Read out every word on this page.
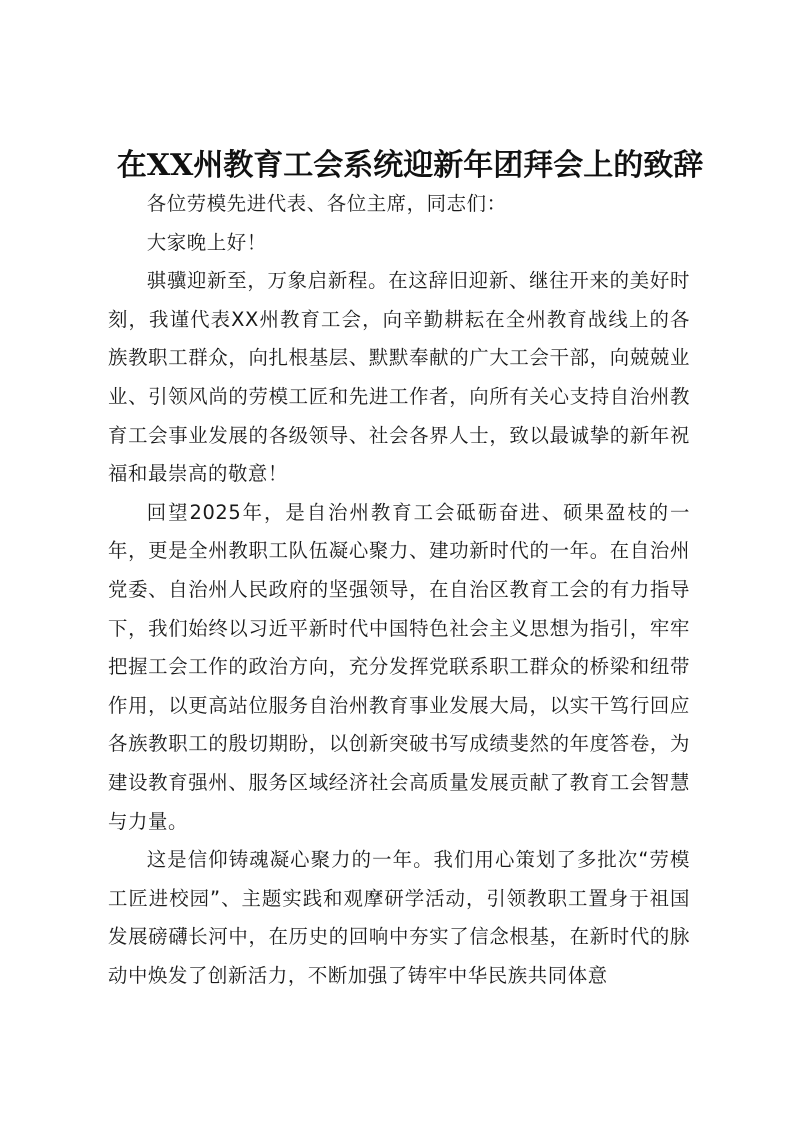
在XX州教育工会系统迎新年团拜会上的致辞

各位劳模先进代表、各位主席，同志们：

大家晚上好！

骐骥迎新至，万象启新程。在这辞旧迎新、继往开来的美好时刻，我谨代表XX州教育工会，向辛勤耕耘在全州教育战线上的各族教职工群众，向扎根基层、默默奉献的广大工会干部，向兢兢业业、引领风尚的劳模工匠和先进工作者，向所有关心支持自治州教育工会事业发展的各级领导、社会各界人士，致以最诚挚的新年祝福和最崇高的敬意！

回望2025年，是自治州教育工会砥砺奋进、硕果盈枝的一年，更是全州教职工队伍凝心聚力、建功新时代的一年。在自治州党委、自治州人民政府的坚强领导，在自治区教育工会的有力指导下，我们始终以习近平新时代中国特色社会主义思想为指引，牢牢把握工会工作的政治方向，充分发挥党联系职工群众的桥梁和纽带作用，以更高站位服务自治州教育事业发展大局，以实干笃行回应各族教职工的殷切期盼，以创新突破书写成绩斐然的年度答卷，为建设教育强州、服务区域经济社会高质量发展贡献了教育工会智慧与力量。

这是信仰铸魂凝心聚力的一年。我们用心策划了多批次“劳模工匠进校园”、主题实践和观摩研学活动，引领教职工置身于祖国发展磅礴长河中，在历史的回响中夯实了信念根基，在新时代的脉动中焕发了创新活力，不断加强了铸牢中华民族共同体意
